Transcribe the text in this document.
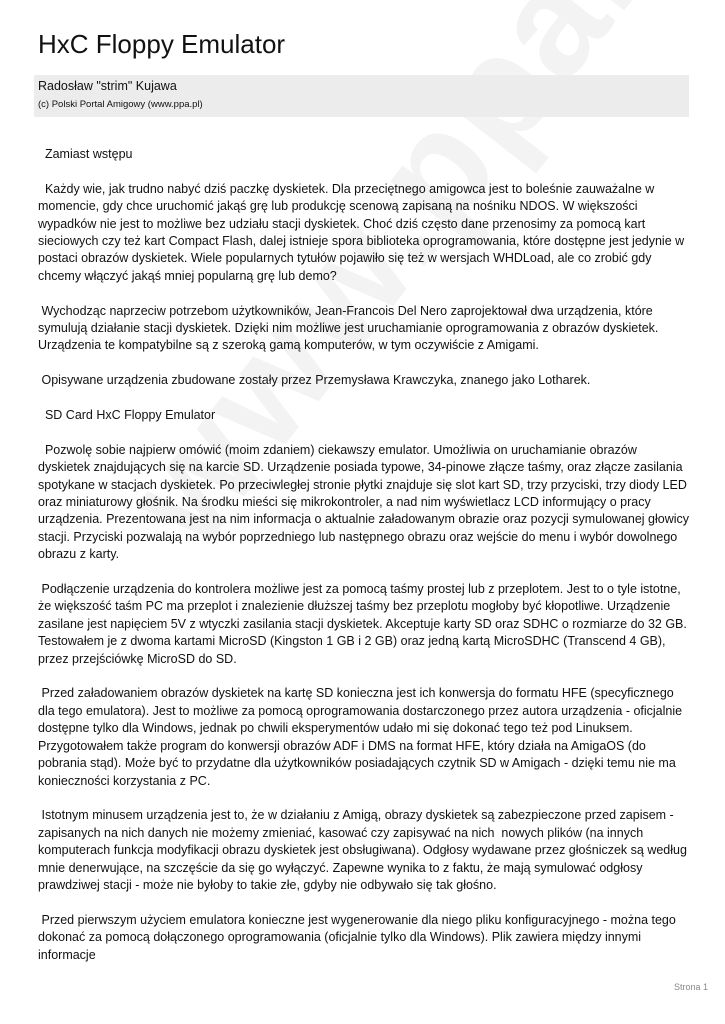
HxC Floppy Emulator
Radosław "strim" Kujawa
(c) Polski Portal Amigowy (www.ppa.pl)

Zamiast wstępu

Każdy wie, jak trudno nabyć dziś paczkę dyskietek. Dla przeciętnego amigowca jest to boleśnie zauważalne w momencie, gdy chce uruchomić jakąś grę lub produkcję scenową zapisaną na nośniku NDOS. W większości wypadków nie jest to możliwe bez udziału stacji dyskietek. Choć dziś często dane przenosimy za pomocą kart sieciowych czy też kart Compact Flash, dalej istnieje spora biblioteka oprogramowania, które dostępne jest jedynie w postaci obrazów dyskietek. Wiele popularnych tytułów pojawiło się też w wersjach WHDLoad, ale co zrobić gdy chcemy włączyć jakąś mniej popularną grę lub demo?

Wychodząc naprzeciw potrzebom użytkowników, Jean-Francois Del Nero zaprojektował dwa urządzenia, które symulują działanie stacji dyskietek. Dzięki nim możliwe jest uruchamianie oprogramowania z obrazów dyskietek. Urządzenia te kompatybilne są z szeroką gamą komputerów, w tym oczywiście z Amigami.

Opisywane urządzenia zbudowane zostały przez Przemysława Krawczyka, znanego jako Lotharek.

SD Card HxC Floppy Emulator

Pozwolę sobie najpierw omówić (moim zdaniem) ciekawszy emulator. Umożliwia on uruchamianie obrazów dyskietek znajdujących się na karcie SD. Urządzenie posiada typowe, 34-pinowe złącze taśmy, oraz złącze zasilania spotykane w stacjach dyskietek. Po przeciwległej stronie płytki znajduje się slot kart SD, trzy przyciski, trzy diody LED oraz miniaturowy głośnik. Na środku mieści się mikrokontroler, a nad nim wyświetlacz LCD informujący o pracy urządzenia. Prezentowana jest na nim informacja o aktualnie załadowanym obrazie oraz pozycji symulowanej głowicy stacji. Przyciski pozwalają na wybór poprzedniego lub następnego obrazu oraz wejście do menu i wybór dowolnego obrazu z karty.

Podłączenie urządzenia do kontrolera możliwe jest za pomocą taśmy prostej lub z przeplotem. Jest to o tyle istotne, że większość taśm PC ma przeplot i znalezienie dłuższej taśmy bez przeplotu mogłoby być kłopotliwe. Urządzenie zasilane jest napięciem 5V z wtyczki zasilania stacji dyskietek. Akceptuje karty SD oraz SDHC o rozmiarze do 32 GB. Testowałem je z dwoma kartami MicroSD (Kingston 1 GB i 2 GB) oraz jedną kartą MicroSDHC (Transcend 4 GB), przez przejściówkę MicroSD do SD.

Przed załadowaniem obrazów dyskietek na kartę SD konieczna jest ich konwersja do formatu HFE (specyficznego dla tego emulatora). Jest to możliwe za pomocą oprogramowania dostarczonego przez autora urządzenia - oficjalnie dostępne tylko dla Windows, jednak po chwili eksperymentów udało mi się dokonać tego też pod Linuksem. Przygotowałem także program do konwersji obrazów ADF i DMS na format HFE, który działa na AmigaOS (do pobrania stąd). Może być to przydatne dla użytkowników posiadających czytnik SD w Amigach - dzięki temu nie ma konieczności korzystania z PC.

Istotnym minusem urządzenia jest to, że w działaniu z Amigą, obrazy dyskietek są zabezpieczone przed zapisem - zapisanych na nich danych nie możemy zmieniać, kasować czy zapisywać na nich  nowych plików (na innych komputerach funkcja modyfikacji obrazu dyskietek jest obsługiwana). Odgłosy wydawane przez głośniczek są według mnie denerwujące, na szczęście da się go wyłączyć. Zapewne wynika to z faktu, że mają symulować odgłosy prawdziwej stacji - może nie byłoby to takie złe, gdyby nie odbywało się tak głośno.

Przed pierwszym użyciem emulatora konieczne jest wygenerowanie dla niego pliku konfiguracyjnego - można tego dokonać za pomocą dołączonego oprogramowania (oficjalnie tylko dla Windows). Plik zawiera między innymi informacje

Strona 1
